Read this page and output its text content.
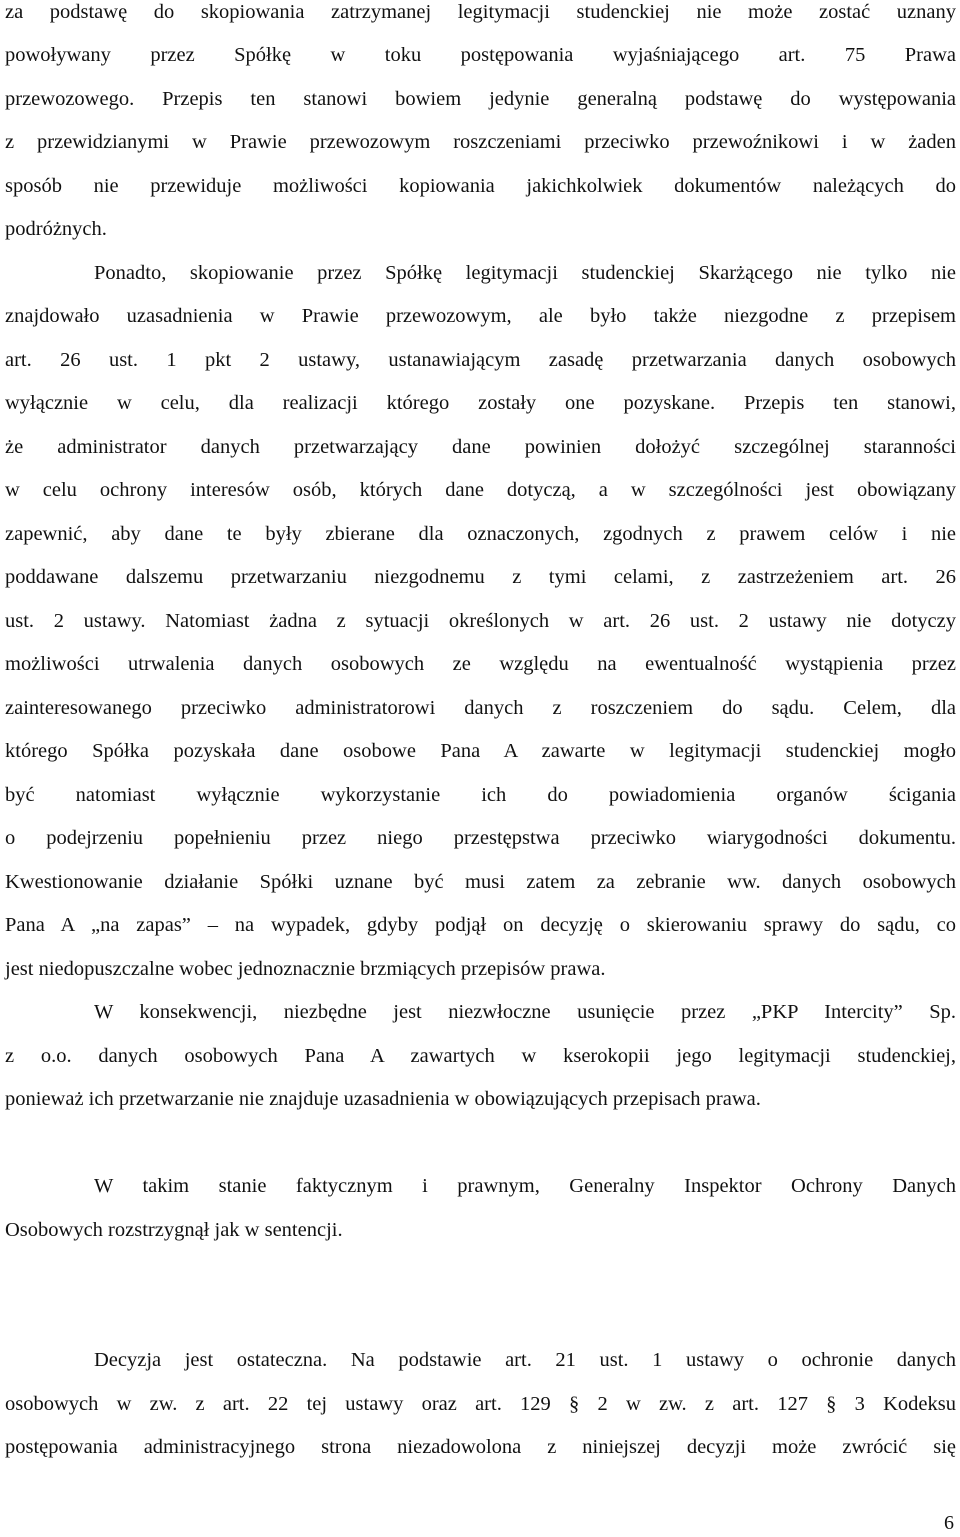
za podstawę do skopiowania zatrzymanej legitymacji studenckiej nie może zostać uznany
powoływany przez Spółkę w toku postępowania wyjaśniającego art. 75 Prawa
przewozowego. Przepis ten stanowi bowiem jedynie generalną podstawę do występowania
z przewidzianymi w Prawie przewozowym roszczeniami przeciwko przewoźnikowi i w żaden
sposób nie przewiduje możliwości kopiowania jakichkolwiek dokumentów należących do
podróżnych.
Ponadto, skopiowanie przez Spółkę legitymacji studenckiej Skarżącego nie tylko nie
znajdowało uzasadnienia w Prawie przewozowym, ale było także niezgodne z przepisem
art. 26 ust. 1 pkt 2 ustawy, ustanawiającym zasadę przetwarzania danych osobowych
wyłącznie w celu, dla realizacji którego zostały one pozyskane. Przepis ten stanowi,
że administrator danych przetwarzający dane powinien dołożyć szczególnej staranności
w celu ochrony interesów osób, których dane dotyczą, a w szczególności jest obowiązany
zapewnić, aby dane te były zbierane dla oznaczonych, zgodnych z prawem celów i nie
poddawane dalszemu przetwarzaniu niezgodnemu z tymi celami, z zastrzeżeniem art. 26
ust. 2 ustawy. Natomiast żadna z sytuacji określonych w art. 26 ust. 2 ustawy nie dotyczy
możliwości utrwalenia danych osobowych ze względu na ewentualność wystąpienia przez
zainteresowanego przeciwko administratorowi danych z roszczeniem do sądu. Celem, dla
którego Spółka pozyskała dane osobowe Pana A zawarte w legitymacji studenckiej mogło
być natomiast wyłącznie wykorzystanie ich do powiadomienia organów ścigania
o podejrzeniu popełnieniu przez niego przestępstwa przeciwko wiarygodności dokumentu.
Kwestionowanie działanie Spółki uznane być musi zatem za zebranie ww. danych osobowych
Pana A „na zapas” – na wypadek, gdyby podjął on decyzję o skierowaniu sprawy do sądu, co
jest niedopuszczalne wobec jednoznacznie brzmiących przepisów prawa.
W konsekwencji, niezbędne jest niezwłoczne usunięcie przez „PKP Intercity” Sp.
z o.o. danych osobowych Pana A zawartych w kserokopii jego legitymacji studenckiej,
ponieważ ich przetwarzanie nie znajduje uzasadnienia w obowiązujących przepisach prawa.
W takim stanie faktycznym i prawnym, Generalny Inspektor Ochrony Danych
Osobowych rozstrzygnął jak w sentencji.
Decyzja jest ostateczna. Na podstawie art. 21 ust. 1 ustawy o ochronie danych
osobowych w zw. z art. 22 tej ustawy oraz art. 129 § 2 w zw. z art. 127 § 3 Kodeksu
postępowania administracyjnego strona niezadowolona z niniejszej decyzji może zwrócić się
6
